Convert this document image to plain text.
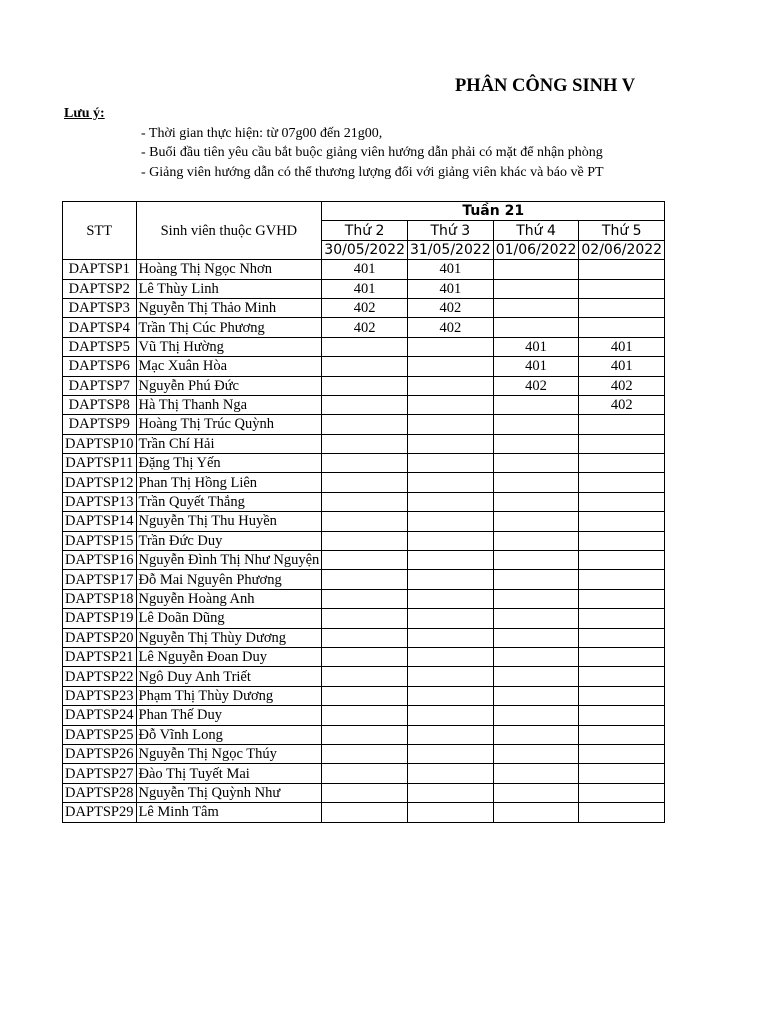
PHÂN CÔNG SINH V
Lưu ý:
- Thời gian thực hiện: từ 07g00 đến 21g00,
- Buổi đầu tiên yêu cầu bắt buộc giảng viên hướng dẫn phải có mặt để nhận phòng
- Giảng viên hướng dẫn có thể thương lượng đổi với giảng viên khác và báo về PT
STT	Sinh viên thuộc GVHD	Tuần 21			
		Thứ 2	Thứ 3	Thứ 4	Thứ 5
		30/05/2022	31/05/2022	01/06/2022	02/06/2022
DAPTSP1	Hoàng Thị Ngọc Nhơn	401	401		
DAPTSP2	Lê Thùy Linh	401	401		
DAPTSP3	Nguyễn Thị Thảo Minh	402	402		
DAPTSP4	Trần Thị Cúc Phương	402	402		
DAPTSP5	Vũ Thị Hường			401	401
DAPTSP6	Mạc Xuân Hòa			401	401
DAPTSP7	Nguyễn Phú Đức			402	402
DAPTSP8	Hà Thị Thanh Nga				402
DAPTSP9	Hoàng Thị Trúc Quỳnh				
DAPTSP10	Trần Chí Hải				
DAPTSP11	Đặng Thị Yến				
DAPTSP12	Phan Thị Hồng Liên				
DAPTSP13	Trần Quyết Thắng				
DAPTSP14	Nguyễn Thị Thu Huyền				
DAPTSP15	Trần Đức Duy				
DAPTSP16	Nguyễn Đình Thị Như Nguyện				
DAPTSP17	Đỗ Mai Nguyên Phương				
DAPTSP18	Nguyễn Hoàng Anh				
DAPTSP19	Lê Doãn Dũng				
DAPTSP20	Nguyễn Thị Thùy Dương				
DAPTSP21	Lê Nguyễn Đoan Duy				
DAPTSP22	Ngô Duy Anh Triết				
DAPTSP23	Phạm Thị Thùy Dương				
DAPTSP24	Phan Thế Duy				
DAPTSP25	Đỗ Vĩnh Long				
DAPTSP26	Nguyễn Thị Ngọc Thúy				
DAPTSP27	Đào Thị Tuyết Mai				
DAPTSP28	Nguyễn Thị Quỳnh Như				
DAPTSP29	Lê Minh Tâm				
